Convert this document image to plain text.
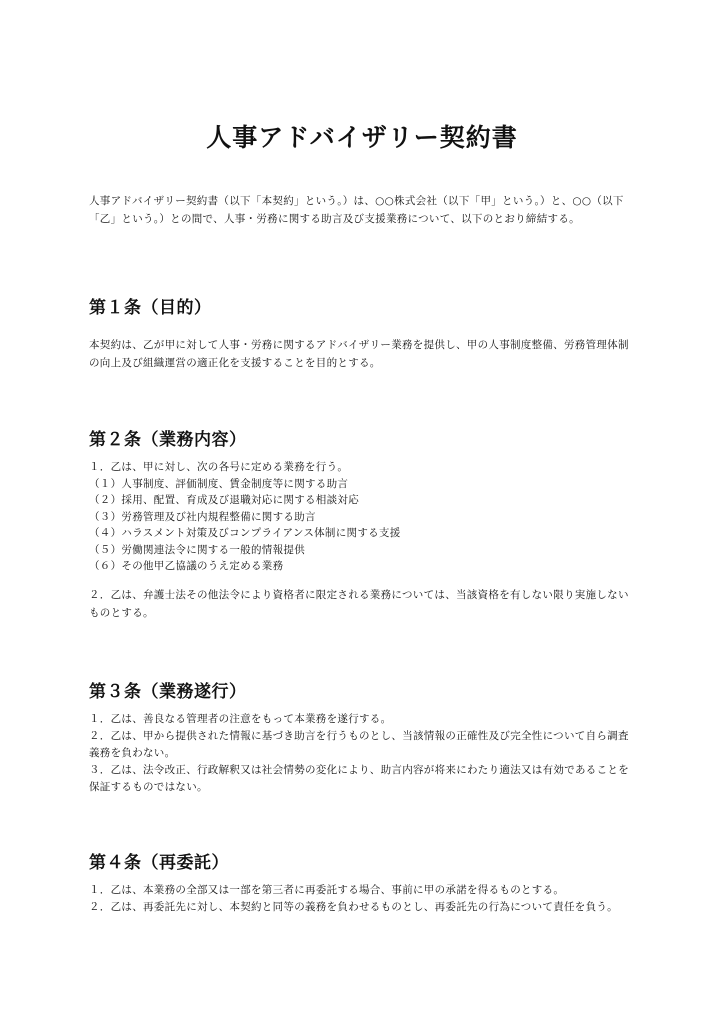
人事アドバイザリー契約書

人事アドバイザリー契約書（以下「本契約」という。）は、○○株式会社（以下「甲」という。）と、○○（以下「乙」という。）との間で、人事・労務に関する助言及び支援業務について、以下のとおり締結する。

第１条（目的）

本契約は、乙が甲に対して人事・労務に関するアドバイザリー業務を提供し、甲の人事制度整備、労務管理体制の向上及び組織運営の適正化を支援することを目的とする。

第２条（業務内容）
１．乙は、甲に対し、次の各号に定める業務を行う。
（１）人事制度、評価制度、賃金制度等に関する助言
（２）採用、配置、育成及び退職対応に関する相談対応
（３）労務管理及び社内規程整備に関する助言
（４）ハラスメント対策及びコンプライアンス体制に関する支援
（５）労働関連法令に関する一般的情報提供
（６）その他甲乙協議のうえ定める業務

２．乙は、弁護士法その他法令により資格者に限定される業務については、当該資格を有しない限り実施しないものとする。

第３条（業務遂行）
１．乙は、善良なる管理者の注意をもって本業務を遂行する。
２．乙は、甲から提供された情報に基づき助言を行うものとし、当該情報の正確性及び完全性について自ら調査義務を負わない。
３．乙は、法令改正、行政解釈又は社会情勢の変化により、助言内容が将来にわたり適法又は有効であることを保証するものではない。
第４条（再委託）
１．乙は、本業務の全部又は一部を第三者に再委託する場合、事前に甲の承諾を得るものとする。
２．乙は、再委託先に対し、本契約と同等の義務を負わせるものとし、再委託先の行為について責任を負う。
